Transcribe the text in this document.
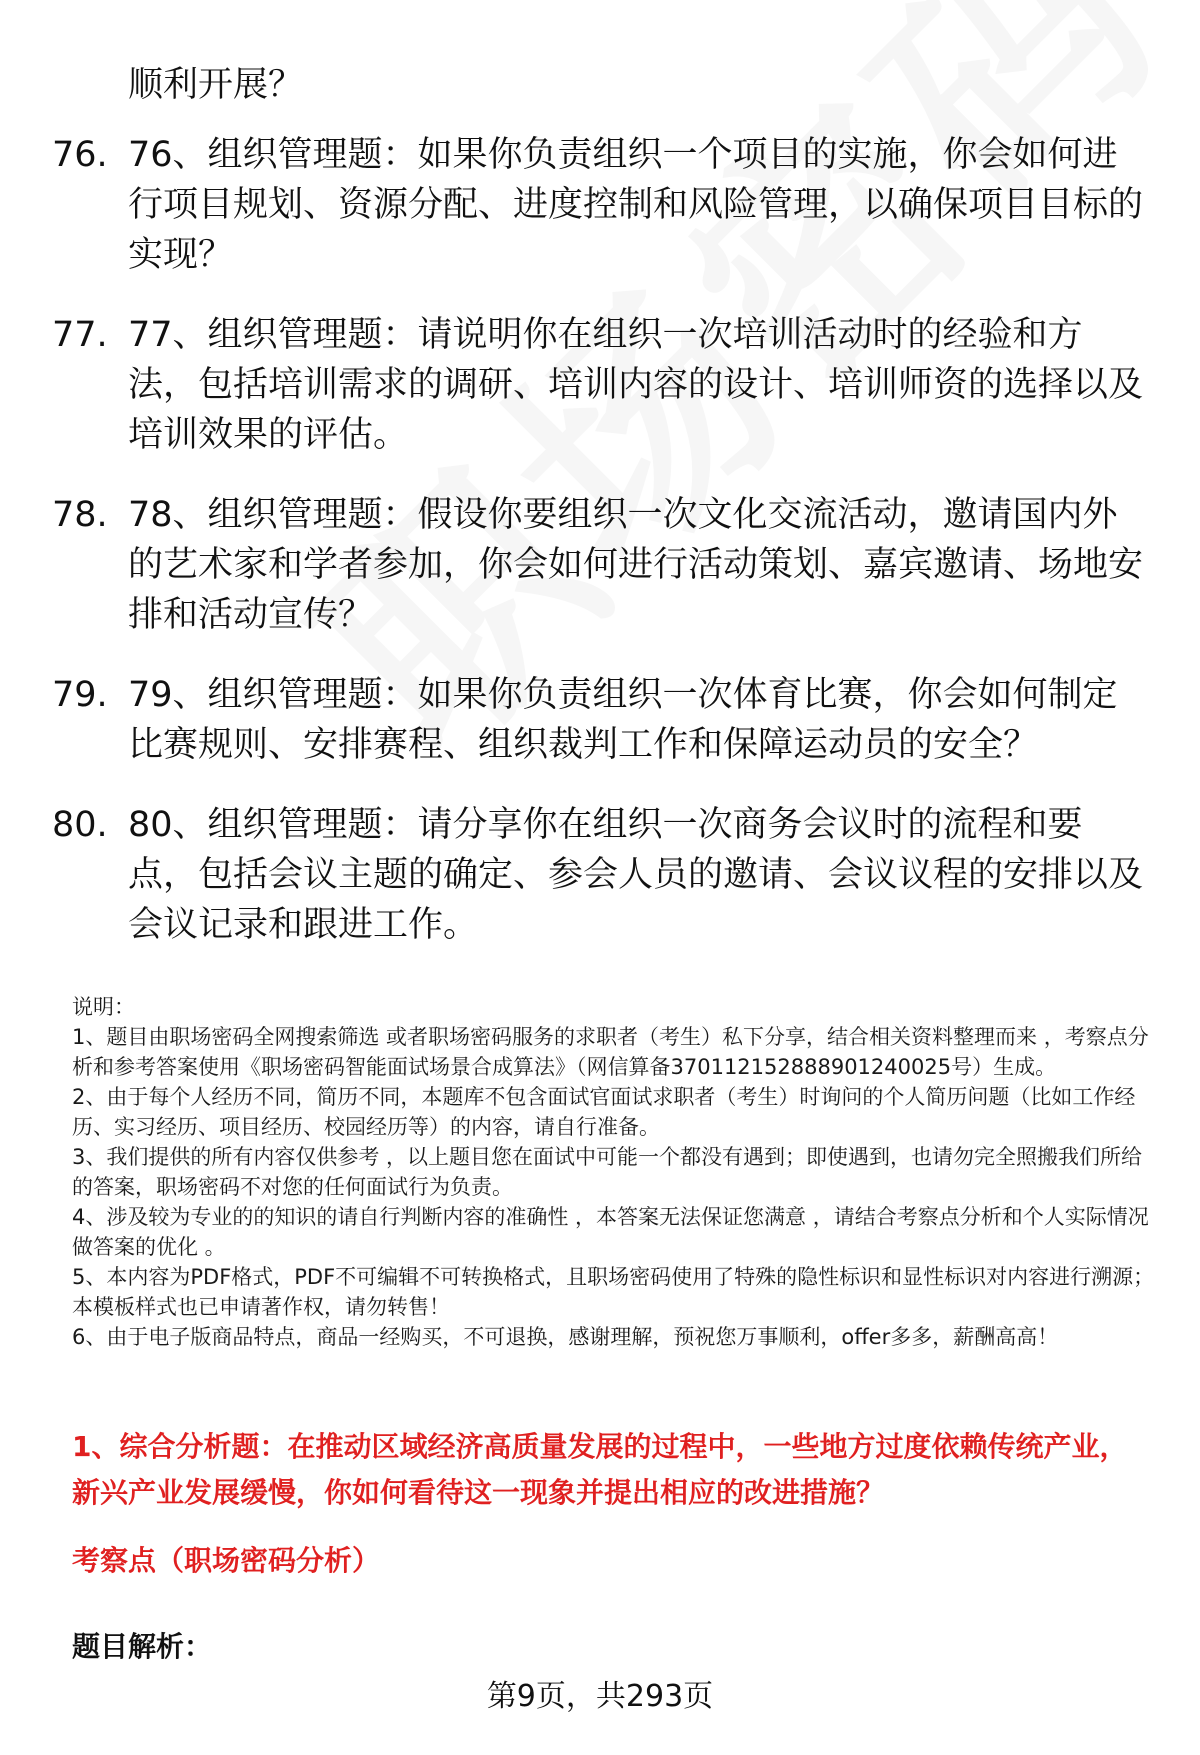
顺利开展？
76. 76、组织管理题：如果你负责组织一个项目的实施，你会如何进行项目规划、资源分配、进度控制和风险管理，以确保项目目标的实现？
77. 77、组织管理题：请说明你在组织一次培训活动时的经验和方法，包括培训需求的调研、培训内容的设计、培训师资的选择以及培训效果的评估。
78. 78、组织管理题：假设你要组织一次文化交流活动，邀请国内外的艺术家和学者参加，你会如何进行活动策划、嘉宾邀请、场地安排和活动宣传？
79. 79、组织管理题：如果你负责组织一次体育比赛，你会如何制定比赛规则、安排赛程、组织裁判工作和保障运动员的安全？
80. 80、组织管理题：请分享你在组织一次商务会议时的流程和要点，包括会议主题的确定、参会人员的邀请、会议议程的安排以及会议记录和跟进工作。

说明：

1、题目由职场密码全网搜索筛选 或者职场密码服务的求职者（考生）私下分享，结合相关资料整理而来 ，考察点分析和参考答案使用《职场密码智能面试场景合成算法》（网信算备370112152888901240025号）生成。

2、由于每个人经历不同，简历不同，本题库不包含面试官面试求职者（考生）时询问的个人简历问题（比如工作经历、实习经历、项目经历、校园经历等）的内容，请自行准备。

3、我们提供的所有内容仅供参考 ，以上题目您在面试中可能一个都没有遇到；即使遇到，也请勿完全照搬我们所给的答案，职场密码不对您的任何面试行为负责。

4、涉及较为专业的的知识的请自行判断内容的准确性 ，本答案无法保证您满意 ，请结合考察点分析和个人实际情况做答案的优化 。

5、本内容为PDF格式，PDF不可编辑不可转换格式，且职场密码使用了特殊的隐性标识和显性标识对内容进行溯源；本模板样式也已申请著作权，请勿转售！

6、由于电子版商品特点，商品一经购买，不可退换，感谢理解，预祝您万事顺利，offer多多，薪酬高高！

1、综合分析题：在推动区域经济高质量发展的过程中，一些地方过度依赖传统产业，新兴产业发展缓慢，你如何看待这一现象并提出相应的改进措施？
考察点（职场密码分析）
题目解析：
第9页，共293页
